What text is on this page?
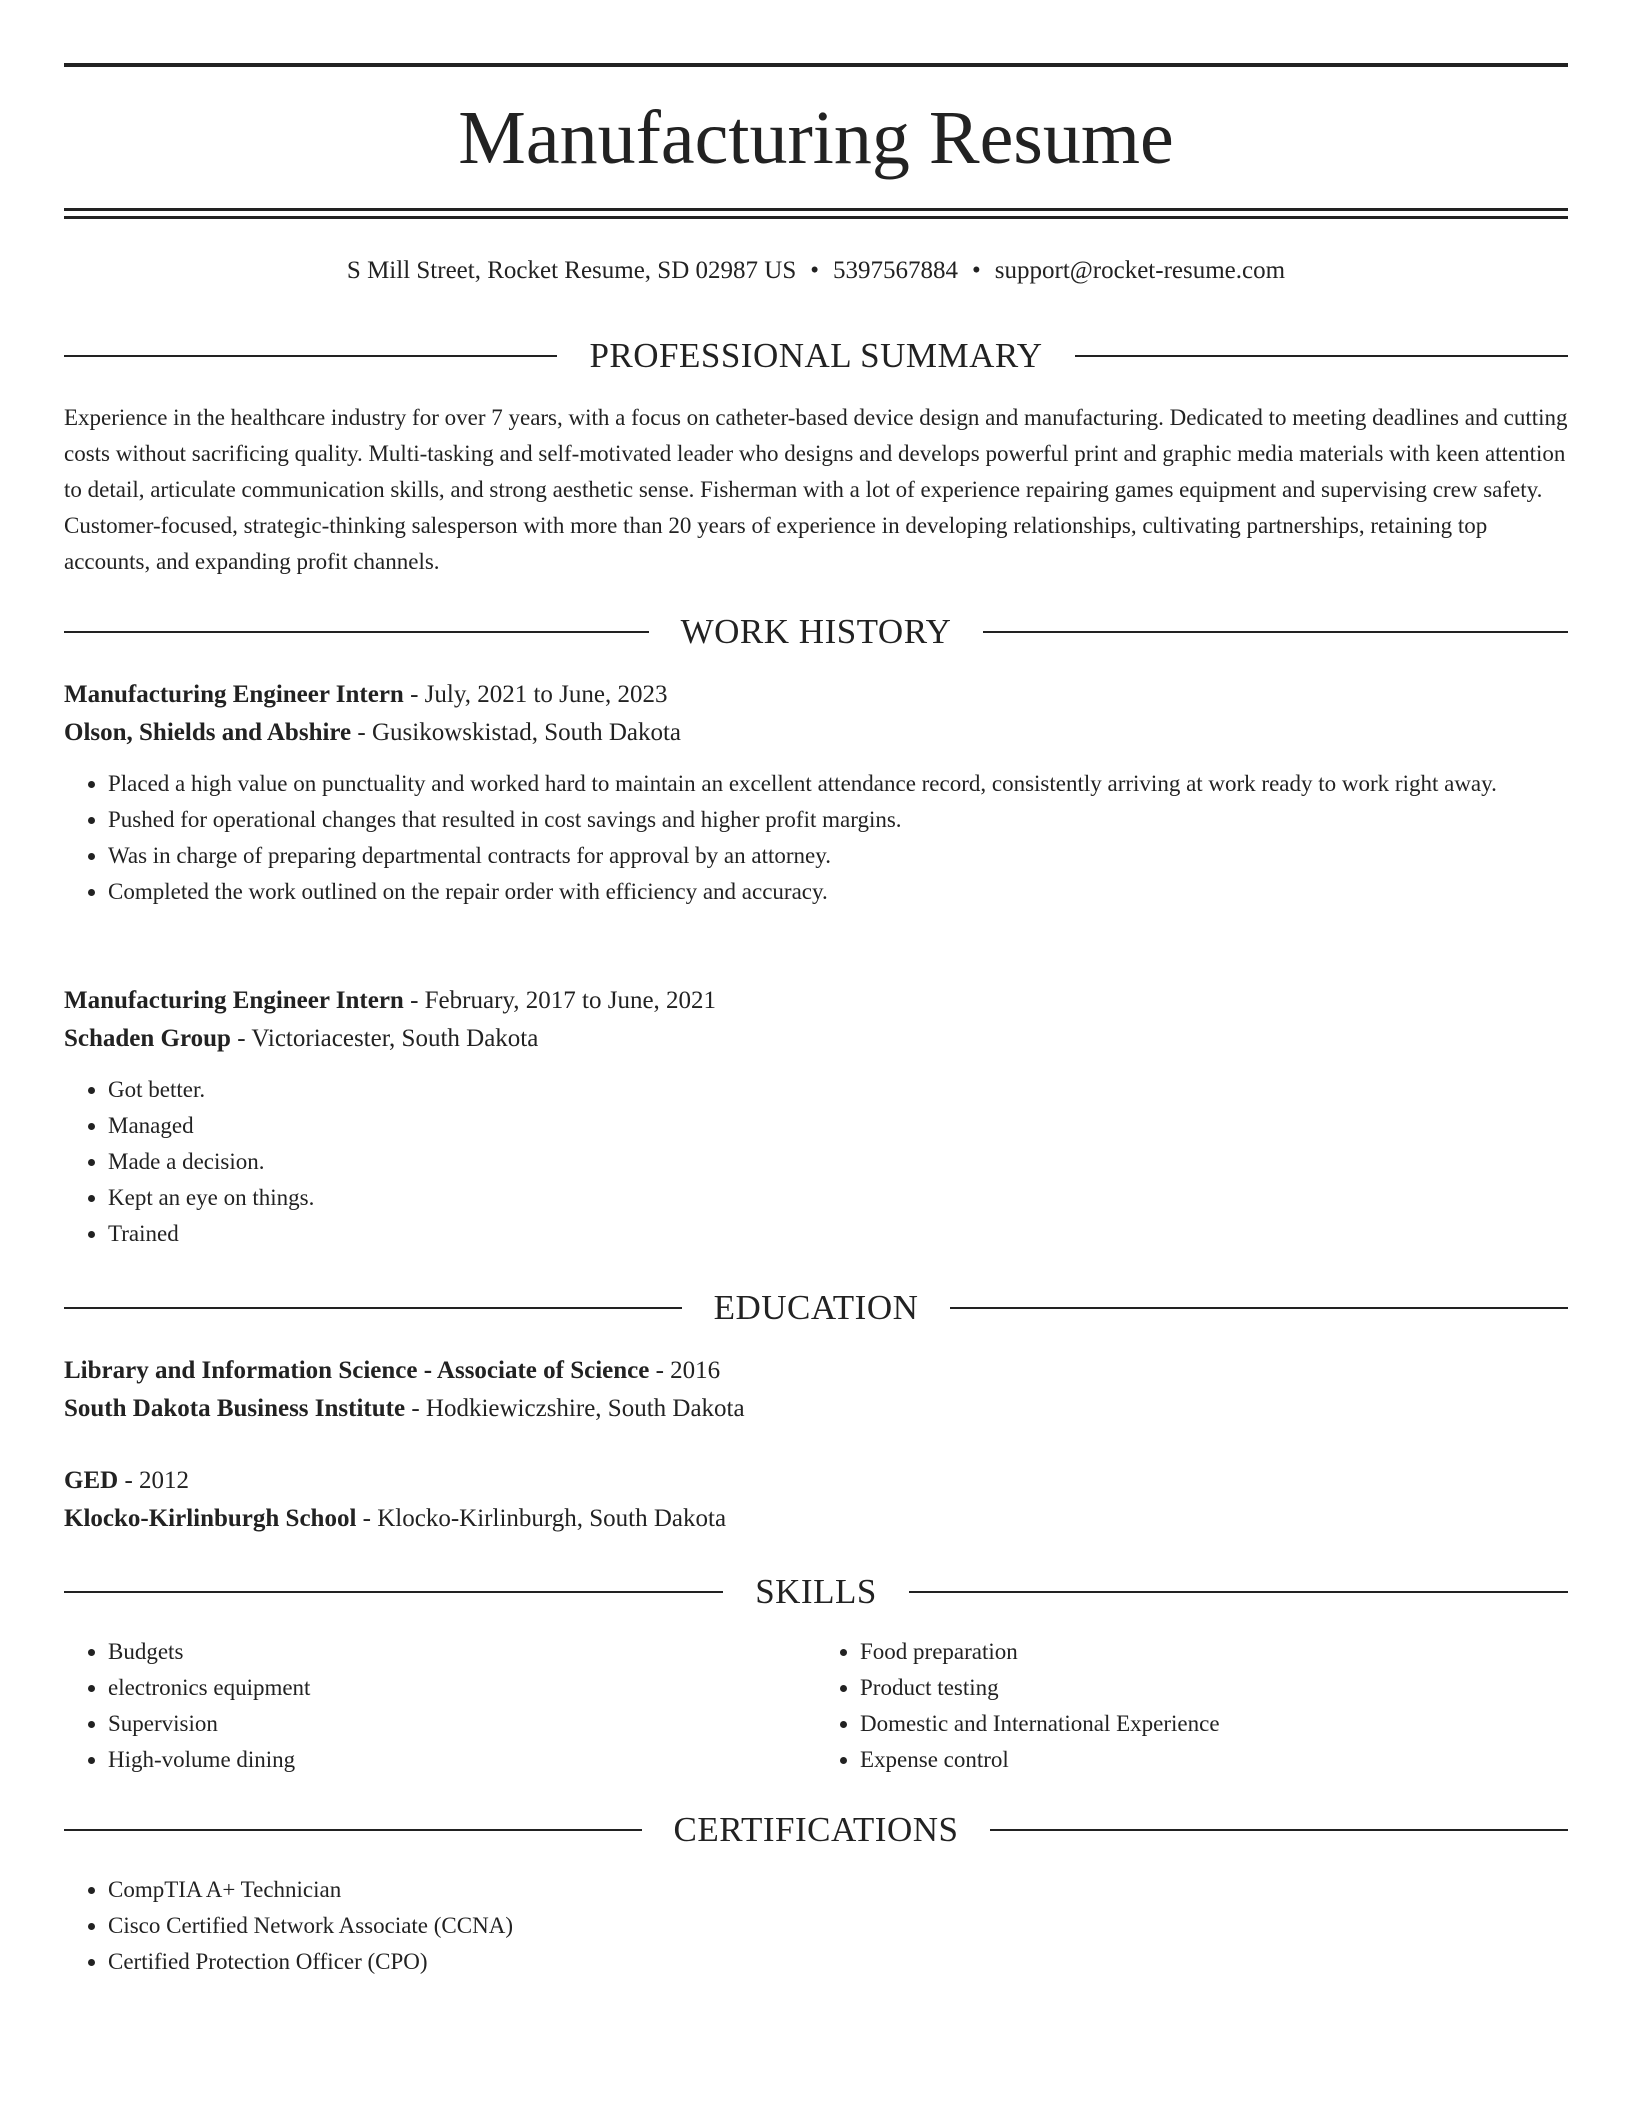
Manufacturing Resume
S Mill Street, Rocket Resume, SD 02987 US • 5397567884 • support@rocket-resume.com
PROFESSIONAL SUMMARY

Experience in the healthcare industry for over 7 years, with a focus on catheter-based device design and manufacturing. Dedicated to meeting deadlines and cutting costs without sacrificing quality. Multi-tasking and self-motivated leader who designs and develops powerful print and graphic media materials with keen attention to detail, articulate communication skills, and strong aesthetic sense. Fisherman with a lot of experience repairing games equipment and supervising crew safety. Customer-focused, strategic-thinking salesperson with more than 20 years of experience in developing relationships, cultivating partnerships, retaining top accounts, and expanding profit channels.

WORK HISTORY

Manufacturing Engineer Intern - July, 2021 to June, 2023

Olson, Shields and Abshire - Gusikowskistad, South Dakota

• Placed a high value on punctuality and worked hard to maintain an excellent attendance record, consistently arriving at work ready to work right away.
• Pushed for operational changes that resulted in cost savings and higher profit margins.
• Was in charge of preparing departmental contracts for approval by an attorney.
• Completed the work outlined on the repair order with efficiency and accuracy.

Manufacturing Engineer Intern - February, 2017 to June, 2021

Schaden Group - Victoriacester, South Dakota

• Got better.
• Managed
• Made a decision.
• Kept an eye on things.
• Trained
EDUCATION

Library and Information Science - Associate of Science - 2016

South Dakota Business Institute - Hodkiewiczshire, South Dakota

GED - 2012

Klocko-Kirlinburgh School - Klocko-Kirlinburgh, South Dakota

SKILLS
• Budgets
• electronics equipment
• Supervision
• High-volume dining
• Food preparation
• Product testing
• Domestic and International Experience
• Expense control
CERTIFICATIONS
• CompTIA A+ Technician
• Cisco Certified Network Associate (CCNA)
• Certified Protection Officer (CPO)
